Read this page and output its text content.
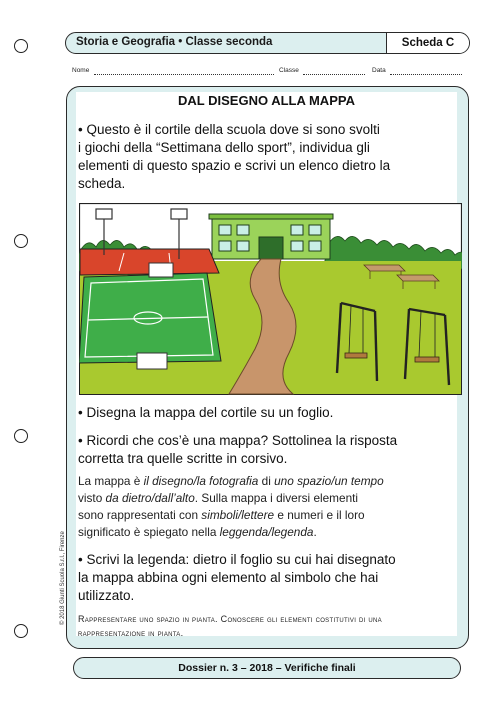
Storia e Geografia • Classe seconda	Scheda C
Nome	Classe	Data
DAL DISEGNO ALLA MAPPA
• Questo è il cortile della scuola dove si sono svolti
i giochi della “Settimana dello sport”, individua gli
elementi di questo spazio e scrivi un elenco dietro la
scheda.
• Disegna la mappa del cortile su un foglio.
• Ricordi che cos’è una mappa? Sottolinea la risposta
corretta tra quelle scritte in corsivo.
La mappa è il disegno/la fotografia di uno spazio/un tempo
visto da dietro/dall’alto. Sulla mappa i diversi elementi
sono rappresentati con simboli/lettere e numeri e il loro
significato è spiegato nella leggenda/legenda.
• Scrivi la legenda: dietro il foglio su cui hai disegnato
la mappa abbina ogni elemento al simbolo che hai
utilizzato.
Rappresentare uno spazio in pianta. Conoscere gli elementi costitutivi di una
rappresentazione in pianta.
© 2018 Giunti Scuola S.r.l., Firenze
Dossier n. 3 – 2018 – Verifiche finali
